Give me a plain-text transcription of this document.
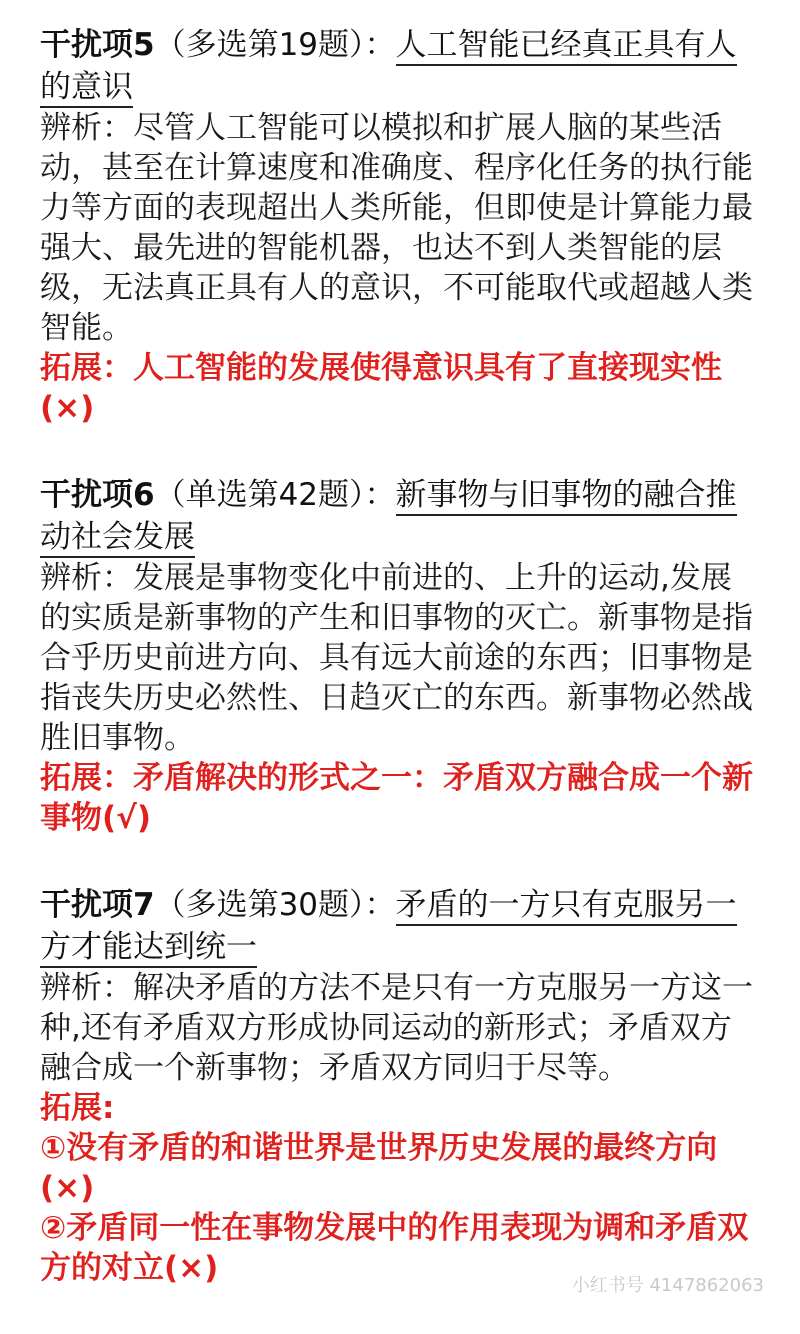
干扰项5（多选第19题）：人工智能已经真正具有人的意识

辨析：尽管人工智能可以模拟和扩展人脑的某些活动，甚至在计算速度和准确度、程序化任务的执行能力等方面的表现超出人类所能，但即使是计算能力最强大、最先进的智能机器，也达不到人类智能的层级，无法真正具有人的意识，不可能取代或超越人类智能。

拓展：人工智能的发展使得意识具有了直接现实性(×)

干扰项6（单选第42题）：新事物与旧事物的融合推动社会发展

辨析：发展是事物变化中前进的、上升的运动,发展的实质是新事物的产生和旧事物的灭亡。新事物是指合乎历史前进方向、具有远大前途的东西；旧事物是指丧失历史必然性、日趋灭亡的东西。新事物必然战胜旧事物。

拓展：矛盾解决的形式之一：矛盾双方融合成一个新事物(√)

干扰项7（多选第30题）：矛盾的一方只有克服另一方才能达到统一

辨析：解决矛盾的方法不是只有一方克服另一方这一种,还有矛盾双方形成协同运动的新形式；矛盾双方融合成一个新事物；矛盾双方同归于尽等。

拓展:
①没有矛盾的和谐世界是世界历史发展的最终方向(×)
②矛盾同一性在事物发展中的作用表现为调和矛盾双方的对立(×)	小红书号 4147862063
